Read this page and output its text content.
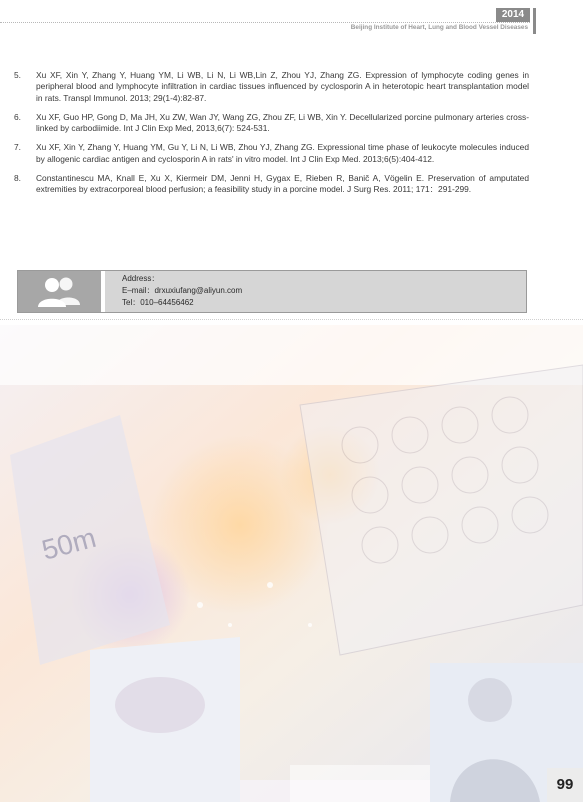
2014
Beijing Institute of Heart, Lung and Blood Vessel Diseases
5.	Xu XF, Xin Y, Zhang Y, Huang YM, Li WB, Li N, Li WB,Lin Z, Zhou YJ, Zhang ZG. Expression of lymphocyte coding genes in peripheral blood and lymphocyte infiltration in cardiac tissues influenced by cyclosporin A in heterotopic heart transplantation model in rats. Transpl Immunol. 2013; 29(1-4):82-87.
6.	Xu XF, Guo HP, Gong D, Ma JH, Xu ZW, Wan JY, Wang ZG, Zhou ZF, Li WB, Xin Y. Decellularized porcine pulmonary arteries cross-linked by carbodiimide. Int J Clin Exp Med, 2013,6(7): 524-531.
7.	Xu XF, Xin Y, Zhang Y, Huang YM, Gu Y, Li N, Li WB, Zhou YJ, Zhang ZG. Expressional time phase of leukocyte molecules induced by allogenic cardiac antigen and cyclosporin A in rats' in vitro model. Int J Clin Exp Med. 2013;6(5):404-412.
8.	Constantinescu MA, Knall E, Xu X, Kiermeir DM, Jenni H, Gygax E, Rieben R, Banič A, Vögelin E. Preservation of amputated extremities by extracorporeal blood perfusion; a feasibility study in a porcine model. J Surg Res. 2011; 171：291-299.
Address：
E–mail：drxuxiufang@aliyun.com
Tel：010–64456462
50m
99
